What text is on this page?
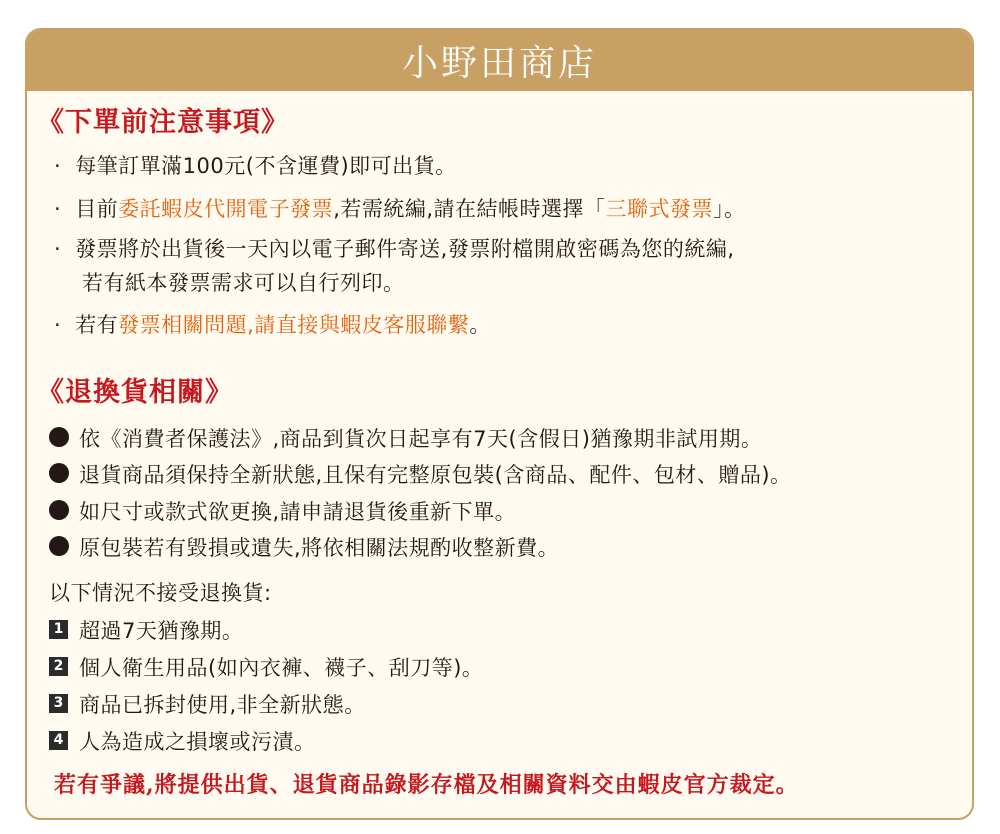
小野田商店
《下單前注意事項》
· 每筆訂單滿100元(不含運費)即可出貨。
· 目前委託蝦皮代開電子發票,若需統編,請在結帳時選擇「三聯式發票」。
· 發票將於出貨後一天內以電子郵件寄送,發票附檔開啟密碼為您的統編,
若有紙本發票需求可以自行列印。
· 若有發票相關問題,請直接與蝦皮客服聯繫。
《退換貨相關》
依《消費者保護法》,商品到貨次日起享有7天(含假日)猶豫期非試用期。
退貨商品須保持全新狀態,且保有完整原包裝(含商品、配件、包材、贈品)。
如尺寸或款式欲更換,請申請退貨後重新下單。
原包裝若有毀損或遺失,將依相關法規酌收整新費。
以下情況不接受退換貨:
1 超過7天猶豫期。
2 個人衛生用品(如內衣褲、襪子、刮刀等)。
3 商品已拆封使用,非全新狀態。
4 人為造成之損壞或污漬。
若有爭議,將提供出貨、退貨商品錄影存檔及相關資料交由蝦皮官方裁定。
